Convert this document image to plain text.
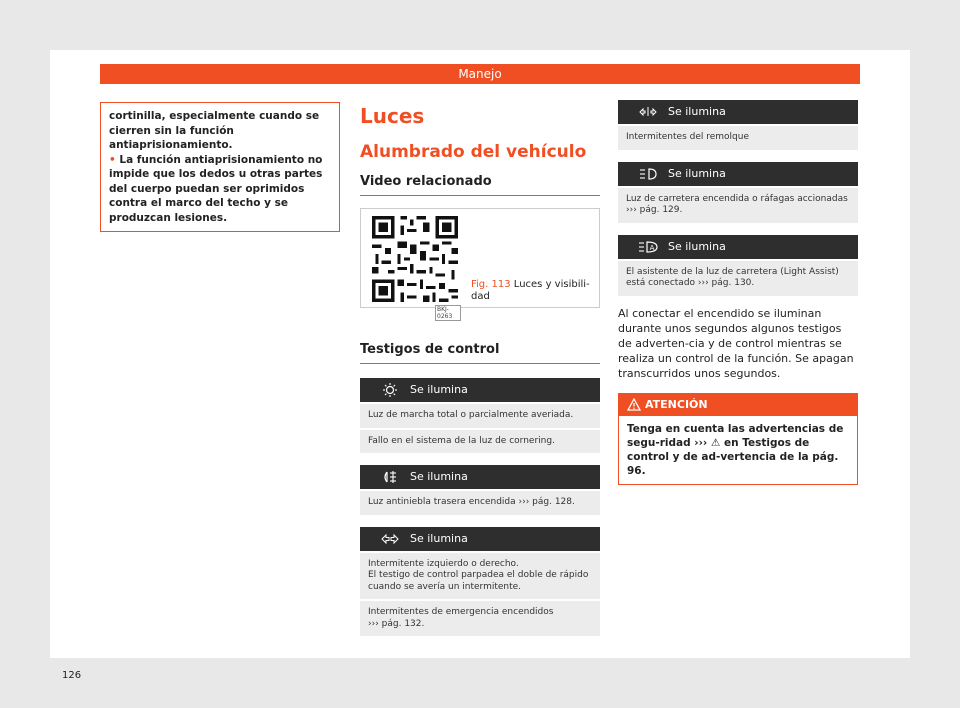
Manejo
cortinilla, especialmente cuando se cierren sin la función antiaprisionamiento.
• La función antiaprisionamiento no impide que los dedos u otras partes del cuerpo puedan ser oprimidos contra el marco del techo y se produzcan lesiones.
Luces
Alumbrado del vehículo
Video relacionado
BKJ-0263
Fig. 113 Luces y visibili-dad
Testigos de control
Se ilumina
Luz de marcha total o parcialmente averiada.
Fallo en el sistema de la luz de cornering.
Se ilumina
Luz antiniebla trasera encendida ››› pág. 128.
Se ilumina
Intermitente izquierdo o derecho.
El testigo de control parpadea el doble de rápido cuando se avería un intermitente.
Intermitentes de emergencia encendidos
››› pág. 132.
Se ilumina
Intermitentes del remolque
Se ilumina
Luz de carretera encendida o ráfagas accionadas
››› pág. 129.
A Se ilumina
El asistente de la luz de carretera (Light Assist) está conectado ››› pág. 130.
Al conectar el encendido se iluminan durante unos segundos algunos testigos de adverten-cia y de control mientras se realiza un control de la función. Se apagan transcurridos unos segundos.
ATENCIÓN
Tenga en cuenta las advertencias de segu-ridad ››› ⚠ en Testigos de control y de ad-vertencia de la pág. 96.
126
